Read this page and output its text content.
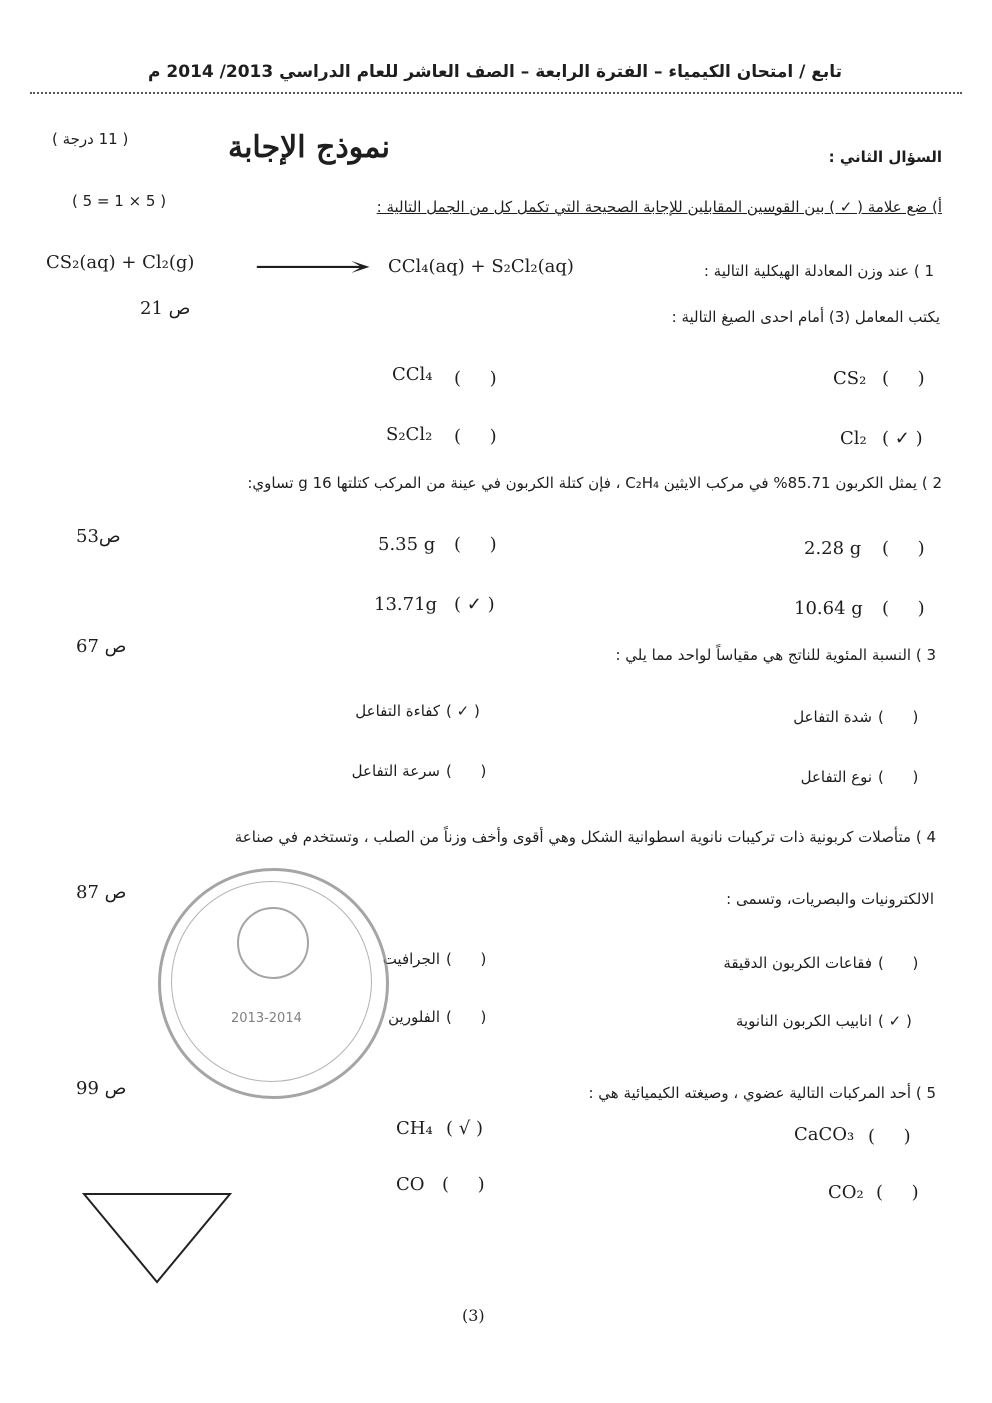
تابع / امتحان الكيمياء – الفترة الرابعة – الصف العاشر للعام الدراسي 2013/ 2014 م
نموذج الإجابة	السؤال الثاني :
( 11 درجة )
أ) ضع علامة ( ✓ ) بين القوسين المقابلين للإجابة الصحيحة التي تكمل كل من الجمل التالية :
( 5 = 1 × 5 )
CS₂(aq) + Cl₂(g) ⟶ CCl₄(aq) + S₂Cl₂(aq)	1 ) عند وزن المعادلة الهيكلية التالية :
ص 21	يكتب المعامل (3) أمام احدى الصيغ التالية :
CS₂ (     )
CCl₄ (     )
Cl₂ ( ✓ )
S₂Cl₂ (     )
2 ) يمثل الكربون 85.71% في مركب الايثين C₂H₄ ، فإن كتلة الكربون في عينة من المركب كتلتها 16 g تساوي:
ص53
2.28 g (     )
5.35 g (     )
10.64 g (     )
13.71g ( ✓ )
ص 67	3 ) النسبة المئوية للناتج هي مقياساً لواحد مما يلي :
شدة التفاعل (      )
كفاءة التفاعل ( ✓ )
نوع التفاعل (      )
سرعة التفاعل (      )
4 ) متأصلات كربونية ذات تركيبات نانوية اسطوانية الشكل وهي أقوى وأخف وزناً من الصلب ، وتستخدم في صناعة
ص 87	الالكترونيات والبصريات، وتسمى :
فقاعات الكربون الدقيقة (      )
الجرافيت (      )
انابيب الكربون النانوية ( ✓ )
الفلورين (      )
ص 99	5 ) أحد المركبات التالية عضوي ، وصيغته الكيميائية هي :
CaCO₃ (     )
CH₄ ( √ )
CO₂ (     )
CO (     )
2013-2014
(3)
